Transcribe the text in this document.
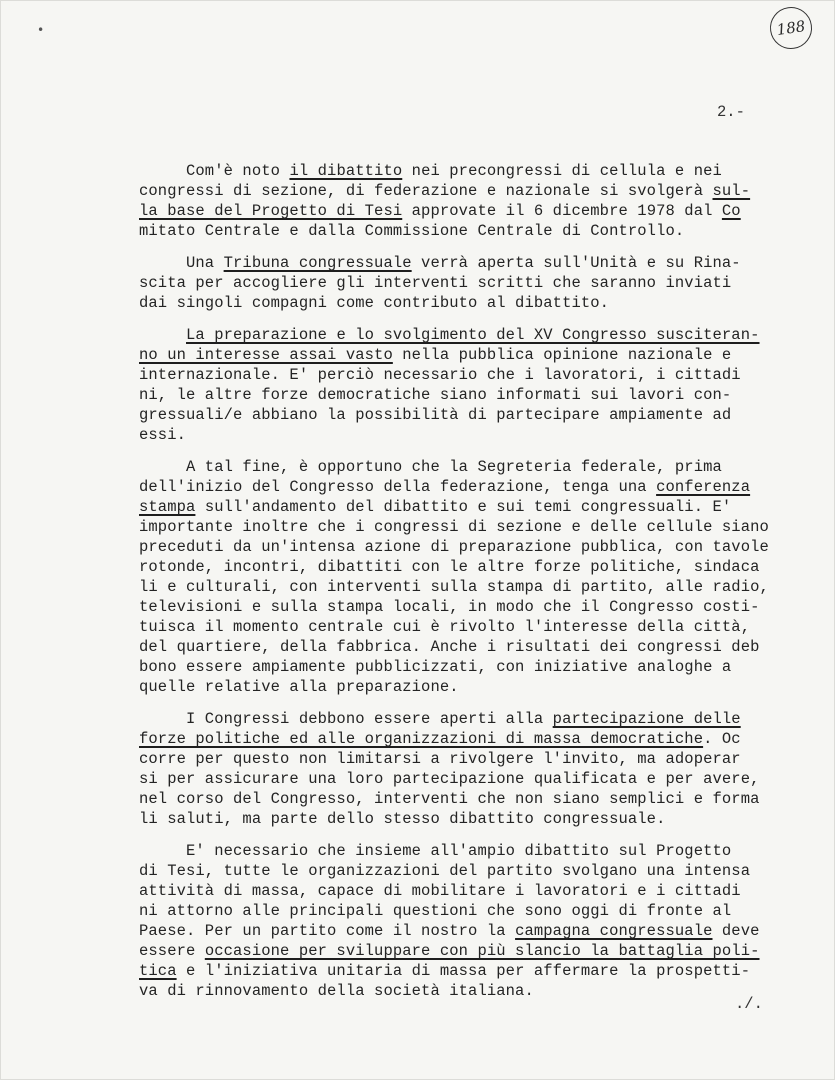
•	188
2.-
Com'è noto il dibattito nei precongressi di cellula e nei
congressi di sezione, di federazione e nazionale si svolgerà sul-
la base del Progetto di Tesi approvate il 6 dicembre 1978 dal Co
mitato Centrale e dalla Commissione Centrale di Controllo.
Una Tribuna congressuale verrà aperta sull'Unità e su Rina-
scita per accogliere gli interventi scritti che saranno inviati
dai singoli compagni come contributo al dibattito.
La preparazione e lo svolgimento del XV Congresso susciteran-
no un interesse assai vasto nella pubblica opinione nazionale e
internazionale. E' perciò necessario che i lavoratori, i cittadi
ni, le altre forze democratiche siano informati sui lavori con-
gressuali/e abbiano la possibilità di partecipare ampiamente ad
essi.
A tal fine, è opportuno che la Segreteria federale, prima
dell'inizio del Congresso della federazione, tenga una conferenza
stampa sull'andamento del dibattito e sui temi congressuali. E'
importante inoltre che i congressi di sezione e delle cellule siano
preceduti da un'intensa azione di preparazione pubblica, con tavole
rotonde, incontri, dibattiti con le altre forze politiche, sindaca
li e culturali, con interventi sulla stampa di partito, alle radio,
televisioni e sulla stampa locali, in modo che il Congresso costi-
tuisca il momento centrale cui è rivolto l'interesse della città,
del quartiere, della fabbrica. Anche i risultati dei congressi deb
bono essere ampiamente pubblicizzati, con iniziative analoghe a
quelle relative alla preparazione.
I Congressi debbono essere aperti alla partecipazione delle
forze politiche ed alle organizzazioni di massa democratiche. Oc
corre per questo non limitarsi a rivolgere l'invito, ma adoperar
si per assicurare una loro partecipazione qualificata e per avere,
nel corso del Congresso, interventi che non siano semplici e forma
li saluti, ma parte dello stesso dibattito congressuale.
E' necessario che insieme all'ampio dibattito sul Progetto
di Tesi, tutte le organizzazioni del partito svolgano una intensa
attività di massa, capace di mobilitare i lavoratori e i cittadi
ni attorno alle principali questioni che sono oggi di fronte al
Paese. Per un partito come il nostro la campagna congressuale deve
essere occasione per sviluppare con più slancio la battaglia poli-
tica e l'iniziativa unitaria di massa per affermare la prospetti-
va di rinnovamento della società italiana.
./.
